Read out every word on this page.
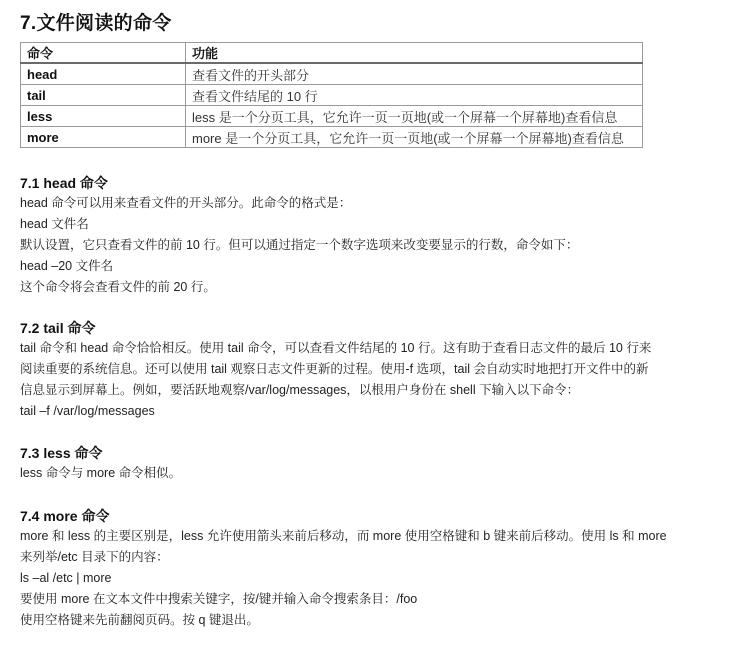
7.文件阅读的命令
命令	功能
head	查看文件的开头部分
tail	查看文件结尾的 10 行
less	less 是一个分页工具，它允许一页一页地(或一个屏幕一个屏幕地)查看信息
more	more 是一个分页工具，它允许一页一页地(或一个屏幕一个屏幕地)查看信息
7.1 head 命令

head 命令可以用来查看文件的开头部分。此命令的格式是：

head 文件名

默认设置，它只查看文件的前 10 行。但可以通过指定一个数字选项来改变要显示的行数，命令如下：

head –20 文件名

这个命令将会查看文件的前 20 行。

7.2 tail 命令

tail 命令和 head 命令恰恰相反。使用 tail 命令，可以查看文件结尾的 10 行。这有助于查看日志文件的最后 10 行来

阅读重要的系统信息。还可以使用 tail 观察日志文件更新的过程。使用-f 选项，tail 会自动实时地把打开文件中的新

信息显示到屏幕上。例如，要活跃地观察/var/log/messages，以根用户身份在 shell 下输入以下命令：

tail –f /var/log/messages

7.3 less 命令

less 命令与 more 命令相似。

7.4 more 命令

more 和 less 的主要区别是，less 允许使用箭头来前后移动，而 more 使用空格键和 b 键来前后移动。使用 ls 和 more

来列举/etc 目录下的内容：

ls –al /etc | more

要使用 more 在文本文件中搜索关键字，按/键并输入命令搜索条目：/foo

使用空格键来先前翻阅页码。按 q 键退出。
